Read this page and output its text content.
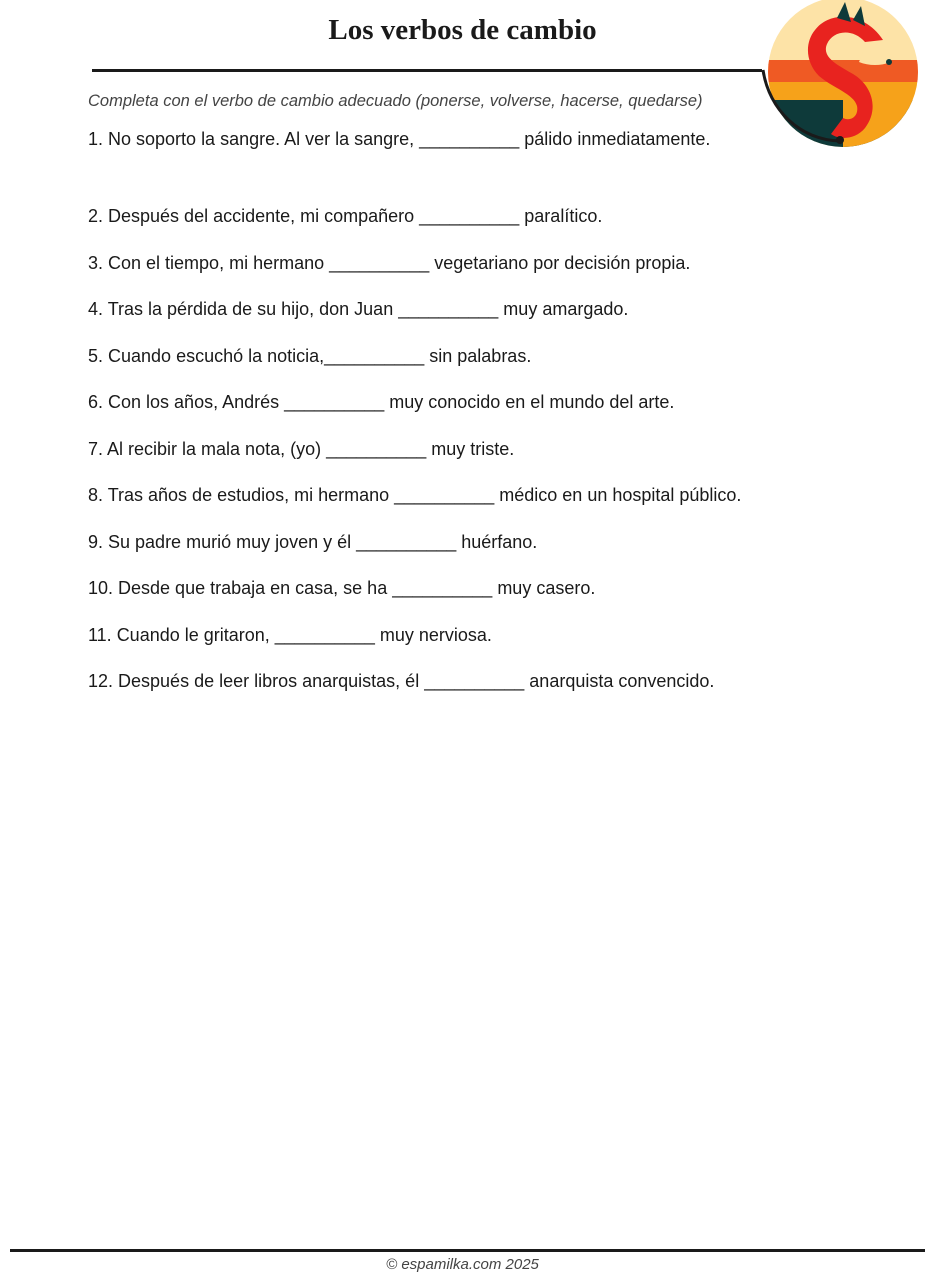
Los verbos de cambio

Completa con el verbo de cambio adecuado (ponerse, volverse, hacerse, quedarse)

1. No soporto la sangre. Al ver la sangre, __________ pálido inmediatamente.
2. Después del accidente, mi compañero __________ paralítico.
3. Con el tiempo, mi hermano __________ vegetariano por decisión propia.
4. Tras la pérdida de su hijo, don Juan __________ muy amargado.
5. Cuando escuchó la noticia,__________ sin palabras.
6. Con los años, Andrés __________ muy conocido en el mundo del arte.
7. Al recibir la mala nota, (yo) __________ muy triste.
8. Tras años de estudios, mi hermano __________ médico en un hospital público.
9. Su padre murió muy joven y él __________ huérfano.
10. Desde que trabaja en casa, se ha __________ muy casero.
11. Cuando le gritaron, __________ muy nerviosa.
12. Después de leer libros anarquistas, él __________ anarquista convencido.
© espamilka.com 2025
